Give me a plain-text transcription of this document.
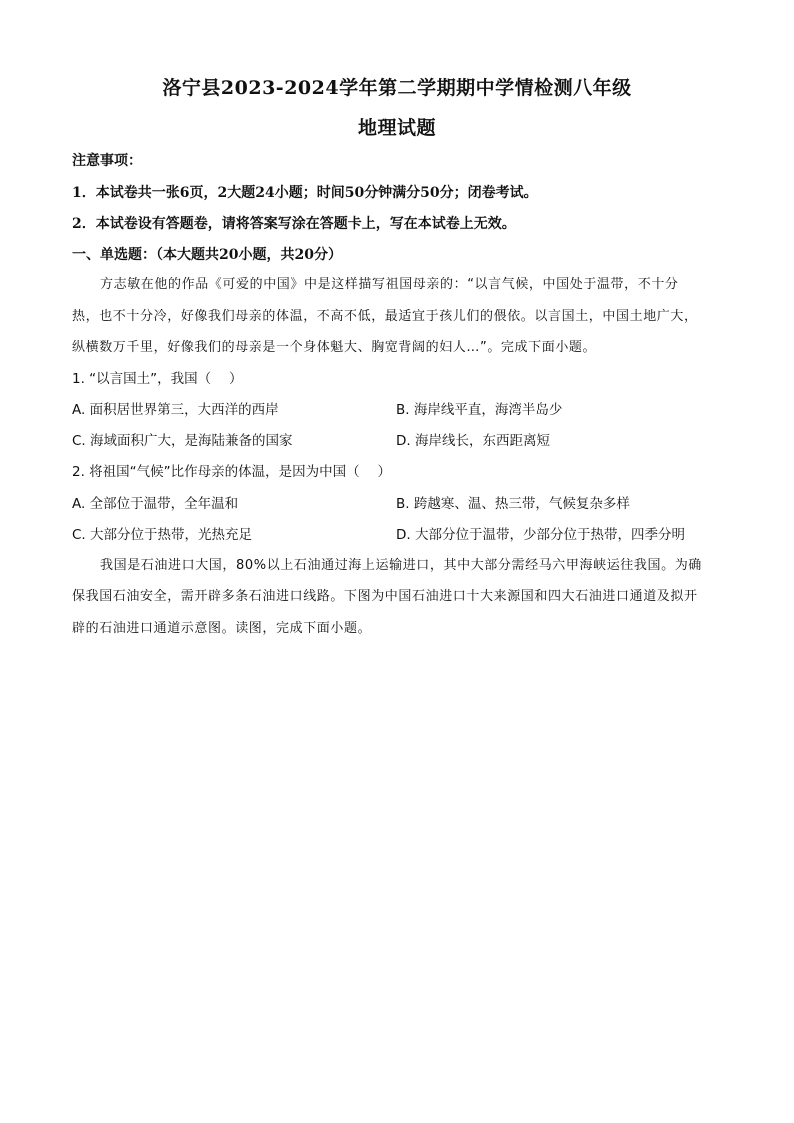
洛宁县2023-2024学年第二学期期中学情检测八年级
地理试题
注意事项：
1．本试卷共一张6页，2大题24小题；时间50分钟满分50分；闭卷考试。
2．本试卷设有答题卷，请将答案写涂在答题卡上，写在本试卷上无效。
一、单选题：（本大题共20小题，共20分）
方志敏在他的作品《可爱的中国》中是这样描写祖国母亲的：“以言气候，中国处于温带，不十分
热，也不十分冷，好像我们母亲的体温，不高不低，最适宜于孩儿们的偎依。以言国土，中国土地广大，
纵横数万千里，好像我们的母亲是一个身体魁大、胸宽背阔的妇人…”。完成下面小题。
1. “以言国土”，我国（　 ）
A. 面积居世界第三，大西洋的西岸	B. 海岸线平直，海湾半岛少
C. 海域面积广大，是海陆兼备的国家	D. 海岸线长，东西距离短
2. 将祖国“气候”比作母亲的体温，是因为中国（　 ）
A. 全部位于温带，全年温和	B. 跨越寒、温、热三带，气候复杂多样
C. 大部分位于热带，光热充足	D. 大部分位于温带，少部分位于热带，四季分明
我国是石油进口大国，80%以上石油通过海上运输进口，其中大部分需经马六甲海峡运往我国。为确
保我国石油安全，需开辟多条石油进口线路。下图为中国石油进口十大来源国和四大石油进口通道及拟开
辟的石油进口通道示意图。读图，完成下面小题。
